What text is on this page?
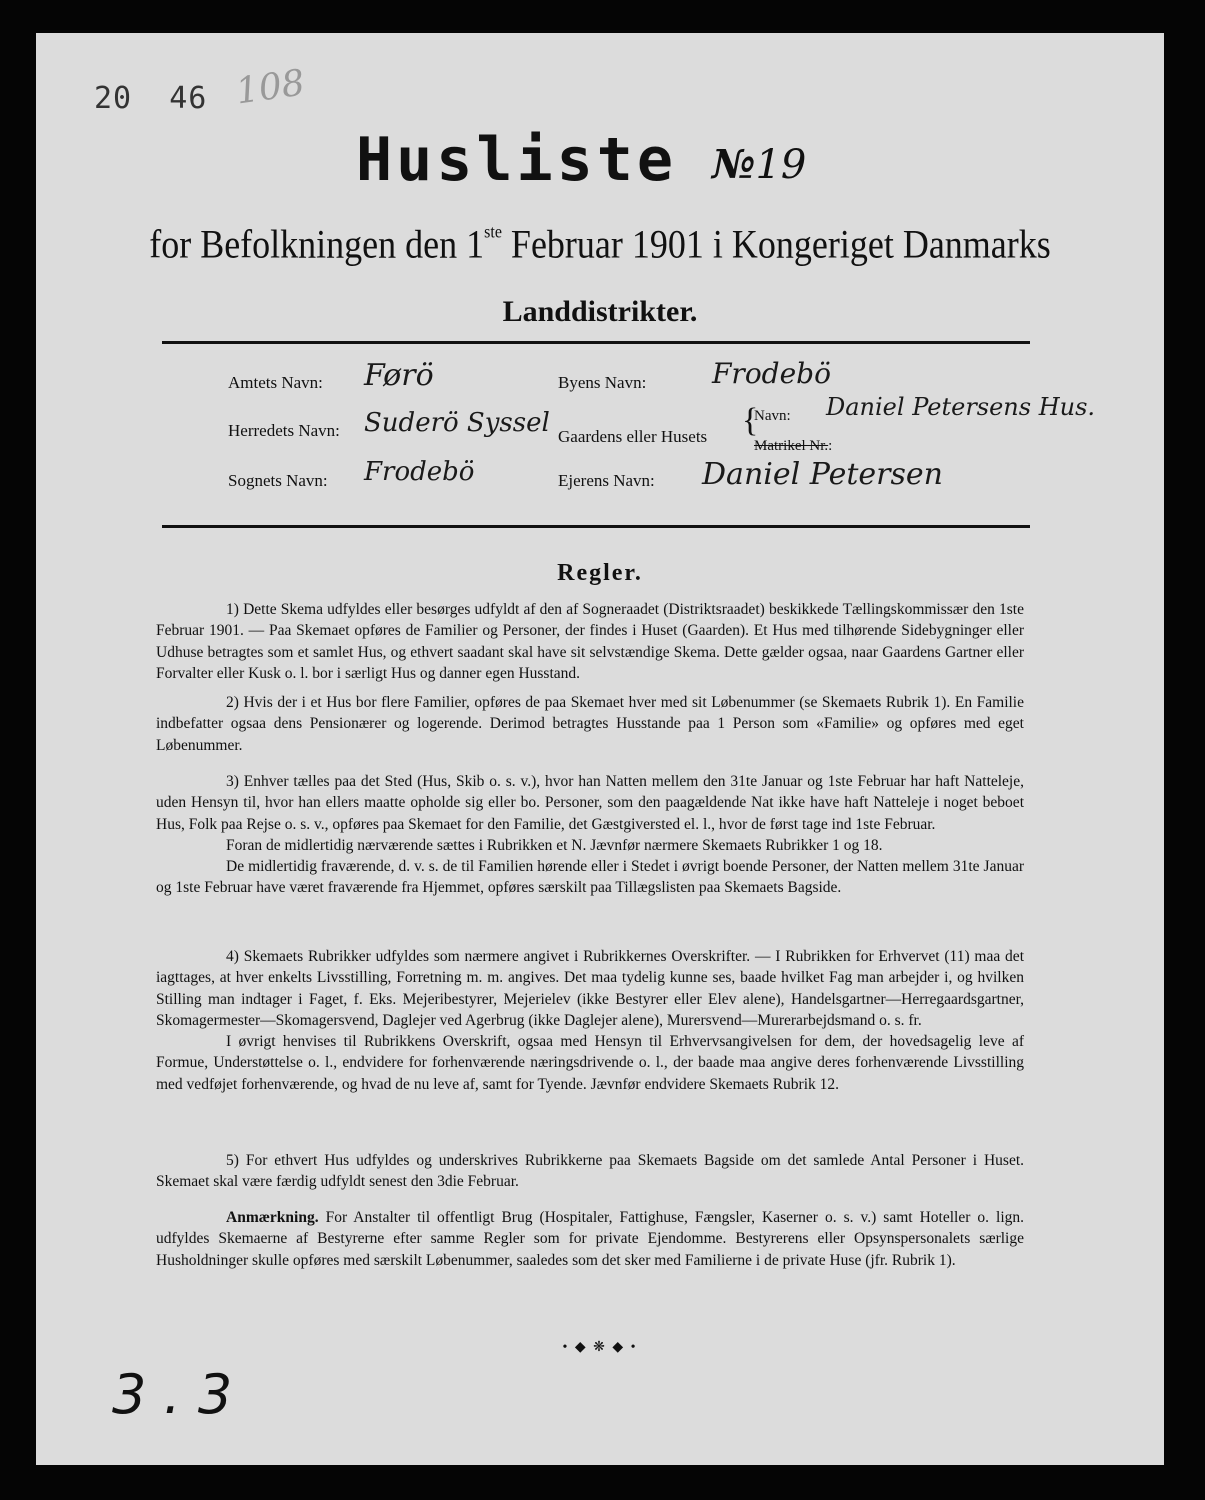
20 46 108
Husliste №19
for Befolkningen den 1ste Februar 1901 i Kongeriget Danmarks
Landdistrikter.
Amtets Navn: Førö
Herredets Navn: Suderö Syssel
Sognets Navn: Frodebö
Byens Navn: Frodebö
Gaardens eller Husets {
Navn: Daniel Petersens Hus.
Matrikel Nr.:
Ejerens Navn: Daniel Petersen
Regler.

1) Dette Skema udfyldes eller besørges udfyldt af den af Sogneraadet (Distriktsraadet) beskikkede Tællingskommissær den 1ste Februar 1901. — Paa Skemaet opføres de Familier og Personer, der findes i Huset (Gaarden). Et Hus med tilhørende Sidebygninger eller Udhuse betragtes som et samlet Hus, og ethvert saadant skal have sit selvstændige Skema. Dette gælder ogsaa, naar Gaardens Gartner eller Forvalter eller Kusk o. l. bor i særligt Hus og danner egen Husstand.

2) Hvis der i et Hus bor flere Familier, opføres de paa Skemaet hver med sit Løbenummer (se Skemaets Rubrik 1). En Familie indbefatter ogsaa dens Pensionærer og logerende. Derimod betragtes Husstande paa 1 Person som «Familie» og opføres med eget Løbenummer.

3) Enhver tælles paa det Sted (Hus, Skib o. s. v.), hvor han Natten mellem den 31te Januar og 1ste Februar har haft Natteleje, uden Hensyn til, hvor han ellers maatte opholde sig eller bo. Personer, som den paagældende Nat ikke have haft Natteleje i noget beboet Hus, Folk paa Rejse o. s. v., opføres paa Skemaet for den Familie, det Gæstgiversted el. l., hvor de først tage ind 1ste Februar.

Foran de midlertidig nærværende sættes i Rubrikken et N. Jævnfør nærmere Skemaets Rubrikker 1 og 18.

De midlertidig fraværende, d. v. s. de til Familien hørende eller i Stedet i øvrigt boende Personer, der Natten mellem 31te Januar og 1ste Februar have været fraværende fra Hjemmet, opføres særskilt paa Tillægslisten paa Skemaets Bagside.

4) Skemaets Rubrikker udfyldes som nærmere angivet i Rubrikkernes Overskrifter. — I Rubrikken for Erhvervet (11) maa det iagttages, at hver enkelts Livsstilling, Forretning m. m. angives. Det maa tydelig kunne ses, baade hvilket Fag man arbejder i, og hvilken Stilling man indtager i Faget, f. Eks. Mejeribestyrer, Mejerielev (ikke Bestyrer eller Elev alene), Handelsgartner—Herregaardsgartner, Skomagermester—Skomagersvend, Daglejer ved Agerbrug (ikke Daglejer alene), Murersvend—Murerarbejdsmand o. s. fr.

I øvrigt henvises til Rubrikkens Overskrift, ogsaa med Hensyn til Erhvervsangivelsen for dem, der hovedsagelig leve af Formue, Understøttelse o. l., endvidere for forhenværende næringsdrivende o. l., der baade maa angive deres forhenværende Livsstilling med vedføjet forhenværende, og hvad de nu leve af, samt for Tyende. Jævnfør endvidere Skemaets Rubrik 12.

5) For ethvert Hus udfyldes og underskrives Rubrikkerne paa Skemaets Bagside om det samlede Antal Personer i Huset. Skemaet skal være færdig udfyldt senest den 3die Februar.

Anmærkning. For Anstalter til offentligt Brug (Hospitaler, Fattighuse, Fængsler, Kaserner o. s. v.) samt Hoteller o. lign. udfyldes Skemaerne af Bestyrerne efter samme Regler som for private Ejendomme. Bestyrerens eller Opsynspersonalets særlige Husholdninger skulle opføres med særskilt Løbenummer, saaledes som det sker med Familierne i de private Huse (jfr. Rubrik 1).

• ◆ ❋ ◆ •
3 . 3
